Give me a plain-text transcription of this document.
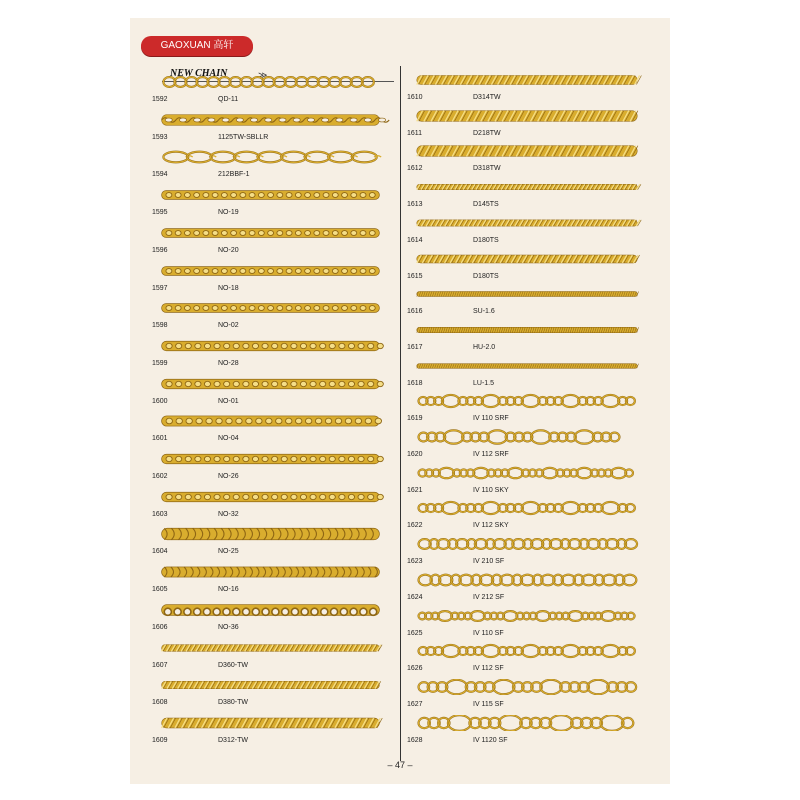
GAOXUAN 高轩
NEW CHAIN	≫
1592	QD-11
1593	1125TW-SBLLR
1594	212BBF-1
1595	NO-19
1596	NO-20
1597	NO-18
1598	NO-02
1599	NO-28
1600	NO-01
1601	NO-04
1602	NO-26
1603	NO-32
1604	NO-25
1605	NO-16
1606	NO-36
1607	D360-TW
1608	D380-TW
1609	D312-TW
1610	D314TW
1611	D218TW
1612	D318TW
1613	D145TS
1614	D180TS
1615	D180TS
1616	SU-1.6
1617	HU-2.0
1618	LU-1.5
1619	IV 110 SRF
1620	IV 112 SRF
1621	IV 110 SKY
1622	IV 112 SKY
1623	IV 210 SF
1624	IV 212 SF
1625	IV 110 SF
1626	IV 112 SF
1627	IV 115 SF
1628	IV 1120 SF
– 47 –
